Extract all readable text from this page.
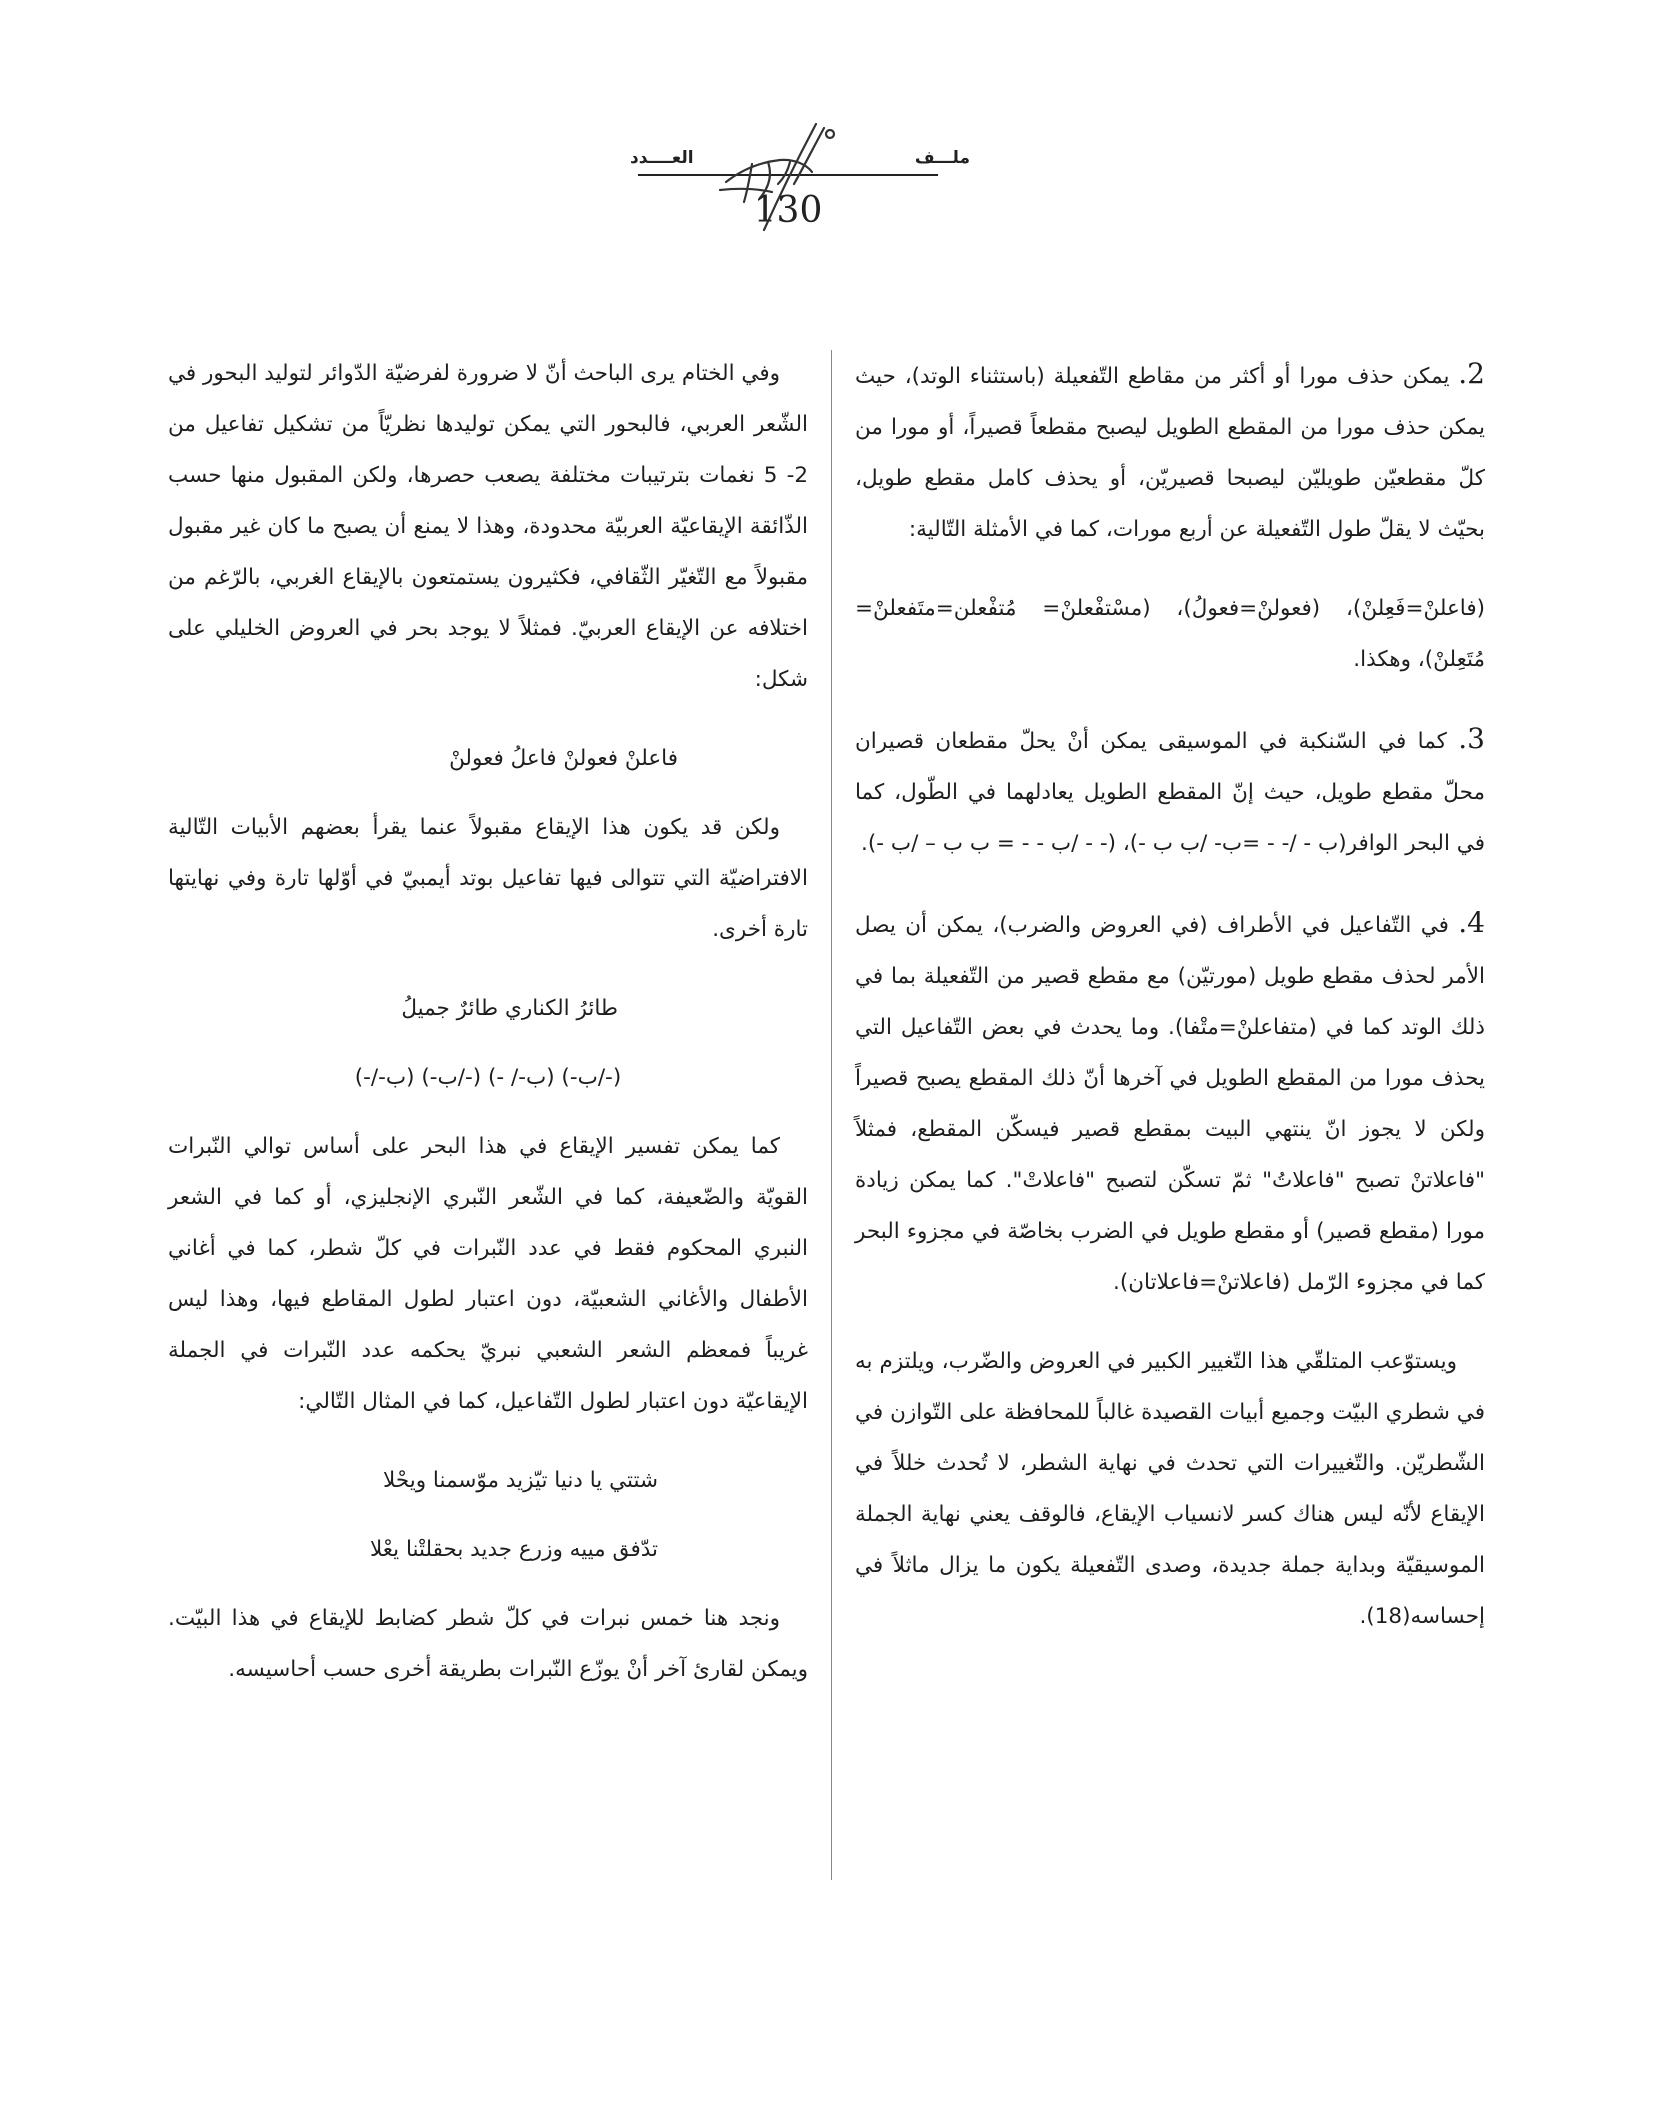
ملـــف
العــــدد
130

2. يمكن حذف مورا أو أكثر من مقاطع التّفعيلة (باستثناء الوتد)، حيث يمكن حذف مورا من المقطع الطويل ليصبح مقطعاً قصيراً، أو مورا من كلّ مقطعيّن طويليّن ليصبحا قصيريّن، أو يحذف كامل مقطع طويل، بحيّث لا يقلّ طول التّفعيلة عن أربع مورات، كما في الأمثلة التّالية:

(فاعلنْ=فَعِلنْ)، (فعولنْ=فعولُ)، (مسْتفْعلنْ= مُتفْعلن=متَفعلنْ= مُتَعِلنْ)، وهكذا.

3. كما في السّنكبة في الموسيقى يمكن أنْ يحلّ مقطعان قصيران محلّ مقطع طويل، حيث إنّ المقطع الطويل يعادلهما في الطّول، كما في البحر الوافر(ب - /- - =ب- /ب ب -)، (- - /ب - - = ب ب – /ب -).

4. في التّفاعيل في الأطراف (في العروض والضرب)، يمكن أن يصل الأمر لحذف مقطع طويل (مورتيّن) مع مقطع قصير من التّفعيلة بما في ذلك الوتد كما في (متفاعلنْ=متْفا). وما يحدث في بعض التّفاعيل التي يحذف مورا من المقطع الطويل في آخرها أنّ ذلك المقطع يصبح قصيراً ولكن لا يجوز انّ ينتهي البيت بمقطع قصير فيسكّن المقطع، فمثلاً "فاعلاتنْ تصبح "فاعلاتُ" ثمّ تسكّن لتصبح "فاعلاتْ". كما يمكن زيادة مورا (مقطع قصير) أو مقطع طويل في الضرب بخاصّة في مجزوء البحر كما في مجزوء الرّمل (فاعلاتنْ=فاعلاتان).

ويستوّعب المتلقّي هذا التّغيير الكبير في العروض والضّرب، ويلتزم به في شطري البيّت وجميع أبيات القصيدة غالباً للمحافظة على التّوازن في الشّطريّن. والتّغييرات التي تحدث في نهاية الشطر، لا تُحدث خللاً في الإيقاع لأنّه ليس هناك كسر لانسياب الإيقاع، فالوقف يعني نهاية الجملة الموسيقيّة وبداية جملة جديدة، وصدى التّفعيلة يكون ما يزال ماثلاً في إحساسه(18).

وفي الختام يرى الباحث أنّ لا ضرورة لفرضيّة الدّوائر لتوليد البحور في الشّعر العربي، فالبحور التي يمكن توليدها نظريّاً من تشكيل تفاعيل من 2- 5 نغمات بترتيبات مختلفة يصعب حصرها، ولكن المقبول منها حسب الذّائقة الإيقاعيّة العربيّة محدودة، وهذا لا يمنع أن يصبح ما كان غير مقبول مقبولاً مع التّغيّر الثّقافي، فكثيرون يستمتعون بالإيقاع الغربي، بالرّغم من اختلافه عن الإيقاع العربيّ. فمثلاً لا يوجد بحر في العروض الخليلي على شكل:

فاعلنْ فعولنْ فاعلُ فعولنْ

ولكن قد يكون هذا الإيقاع مقبولاً عنما يقرأ بعضهم الأبيات التّالية الافتراضيّة التي تتوالى فيها تفاعيل بوتد أيمبيّ في أوّلها تارة وفي نهايتها تارة أخرى.

طائرُ الكناري طائرٌ جميلُ

(-/ب-) (ب-/ -) (-/ب-) (ب-/-)

كما يمكن تفسير الإيقاع في هذا البحر على أساس توالي النّبرات القويّة والضّعيفة، كما في الشّعر النّبري الإنجليزي، أو كما في الشعر النبري المحكوم فقط في عدد النّبرات في كلّ شطر، كما في أغاني الأطفال والأغاني الشعبيّة، دون اعتبار لطول المقاطع فيها، وهذا ليس غريباً فمعظم الشعر الشعبي نبريّ يحكمه عدد النّبرات في الجملة الإيقاعيّة دون اعتبار لطول التّفاعيل، كما في المثال التّالي:

شتتي يا دنيا تيّزيد موّسمنا ويحْلا

تدّفق مييه وزرع جديد بحقلتْنا يعْلا

ونجد هنا خمس نبرات في كلّ شطر كضابط للإيقاع في هذا البيّت. ويمكن لقارئ آخر أنْ يوزّع النّبرات بطريقة أخرى حسب أحاسيسه.
